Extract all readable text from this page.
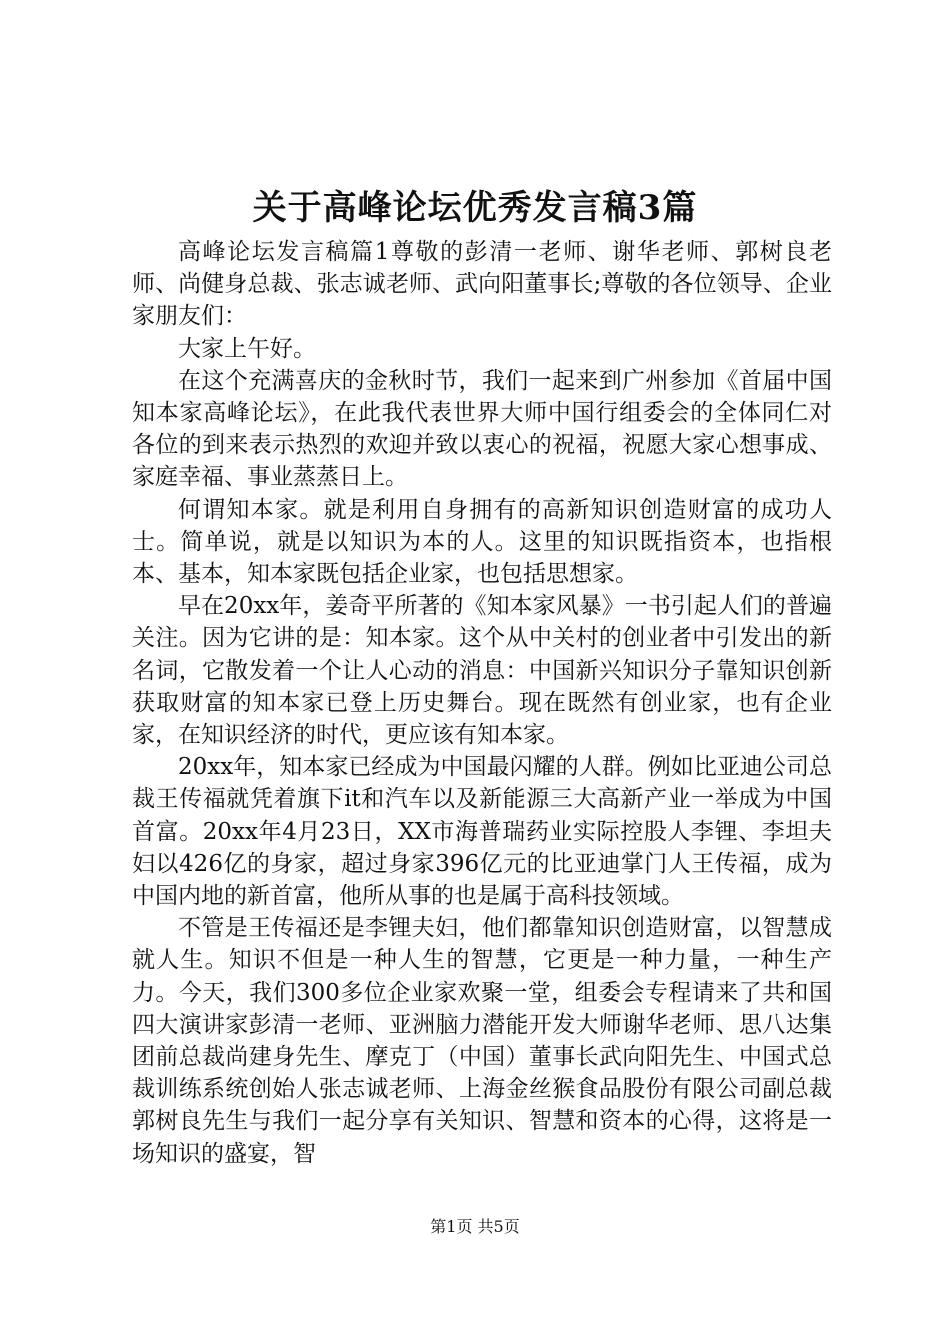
关于高峰论坛优秀发言稿3篇

高峰论坛发言稿篇1尊敬的彭清一老师、谢华老师、郭树良老师、尚健身总裁、张志诚老师、武向阳董事长;尊敬的各位领导、企业家朋友们：

大家上午好。

在这个充满喜庆的金秋时节，我们一起来到广州参加《首届中国知本家高峰论坛》，在此我代表世界大师中国行组委会的全体同仁对各位的到来表示热烈的欢迎并致以衷心的祝福，祝愿大家心想事成、家庭幸福、事业蒸蒸日上。

何谓知本家。就是利用自身拥有的高新知识创造财富的成功人士。简单说，就是以知识为本的人。这里的知识既指资本，也指根本、基本，知本家既包括企业家，也包括思想家。

早在20xx年，姜奇平所著的《知本家风暴》一书引起人们的普遍关注。因为它讲的是：知本家。这个从中关村的创业者中引发出的新名词，它散发着一个让人心动的消息：中国新兴知识分子靠知识创新获取财富的知本家已登上历史舞台。现在既然有创业家，也有企业家，在知识经济的时代，更应该有知本家。

20xx年，知本家已经成为中国最闪耀的人群。例如比亚迪公司总裁王传福就凭着旗下it和汽车以及新能源三大高新产业一举成为中国首富。20xx年4月23日，XX市海普瑞药业实际控股人李锂、李坦夫妇以426亿的身家，超过身家396亿元的比亚迪掌门人王传福，成为中国内地的新首富，他所从事的也是属于高科技领域。

不管是王传福还是李锂夫妇，他们都靠知识创造财富，以智慧成就人生。知识不但是一种人生的智慧，它更是一种力量，一种生产力。今天，我们300多位企业家欢聚一堂，组委会专程请来了共和国四大演讲家彭清一老师、亚洲脑力潜能开发大师谢华老师、思八达集团前总裁尚建身先生、摩克丁（中国）董事长武向阳先生、中国式总裁训练系统创始人张志诚老师、上海金丝猴食品股份有限公司副总裁郭树良先生与我们一起分享有关知识、智慧和资本的心得，这将是一场知识的盛宴，智

第1页 共5页
